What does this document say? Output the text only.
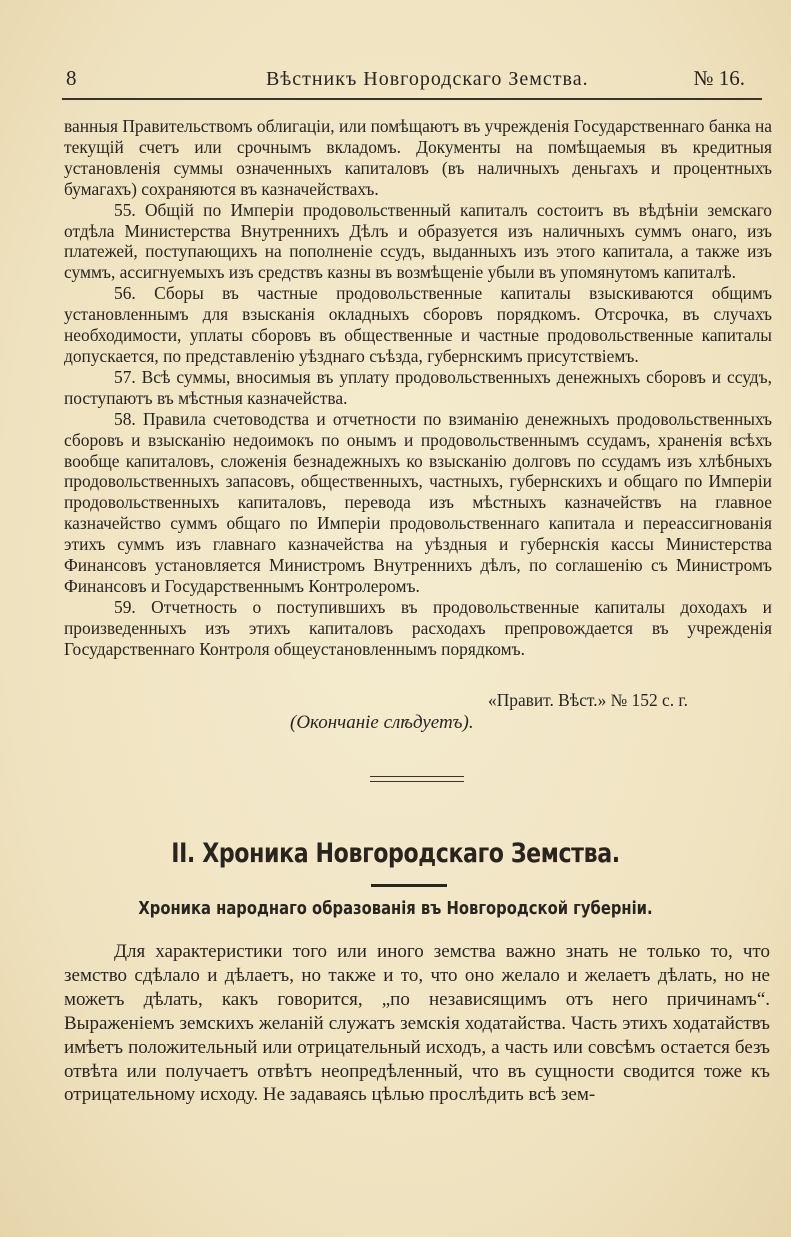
8	Вѣстникъ Новгородскаго Земства.	№ 16.

ванныя Правительствомъ облигаціи, или помѣщаютъ въ учрежденія Государственнаго банка на текущій счетъ или срочнымъ вкладомъ. Документы на помѣщаемыя въ кредитныя установленія суммы означенныхъ капиталовъ (въ наличныхъ деньгахъ и процентныхъ бумагахъ) сохраняются въ казначействахъ.

55. Общій по Имперіи продовольственный капиталъ состоитъ въ вѣдѣніи земскаго отдѣла Министерства Внутреннихъ Дѣлъ и образуется изъ наличныхъ суммъ онаго, изъ платежей, поступающихъ на пополненіе ссудъ, выданныхъ изъ этого капитала, а также изъ суммъ, ассигнуемыхъ изъ средствъ казны въ возмѣщеніе убыли въ упомянутомъ капиталѣ.

56. Сборы въ частные продовольственные капиталы взыскиваются общимъ установленнымъ для взысканія окладныхъ сборовъ порядкомъ. Отсрочка, въ случахъ необходимости, уплаты сборовъ въ общественные и частные продовольственные капиталы допускается, по представленію уѣзднаго съѣзда, губернскимъ присутствіемъ.

57. Всѣ суммы, вносимыя въ уплату продовольственныхъ денежныхъ сборовъ и ссудъ, поступаютъ въ мѣстныя казначейства.

58. Правила счетоводства и отчетности по взиманію денежныхъ продовольственныхъ сборовъ и взысканію недоимокъ по онымъ и продовольственнымъ ссудамъ, храненія всѣхъ вообще капиталовъ, сложенія безнадежныхъ ко взысканію долговъ по ссудамъ изъ хлѣбныхъ продовольственныхъ запасовъ, общественныхъ, частныхъ, губернскихъ и общаго по Имперіи продовольственныхъ капиталовъ, перевода изъ мѣстныхъ казначействъ на главное казначейство суммъ общаго по Имперіи продовольственнаго капитала и переассигнованія этихъ суммъ изъ главнаго казначейства на уѣздныя и губернскія кассы Министерства Финансовъ установляется Министромъ Внутреннихъ дѣлъ, по соглашенію съ Министромъ Финансовъ и Государственнымъ Контролеромъ.

59. Отчетность о поступившихъ въ продовольственные капиталы доходахъ и произведенныхъ изъ этихъ капиталовъ расходахъ препровождается въ учрежденія Государственнаго Контроля общеустановленнымъ порядкомъ.

«Правит. Вѣст.» № 152 с. г.
(Окончаніе слѣдуетъ).
II. Хроника Новгородскаго Земства.
Хроника народнаго образованія въ Новгородской губерніи.

Для характеристики того или иного земства важно знать не только то, что земство сдѣлало и дѣлаетъ, но также и то, что оно желало и желаетъ дѣлать, но не можетъ дѣлать, какъ говорится, „по независящимъ отъ него причинамъ“. Выраженіемъ земскихъ желаній служатъ земскія ходатайства. Часть этихъ ходатайствъ имѣетъ положительный или отрицательный исходъ, а часть или совсѣмъ остается безъ отвѣта или получаетъ отвѣтъ неопредѣленный, что въ сущности сводится тоже къ отрицательному исходу. Не задаваясь цѣлью прослѣдить всѣ зем-
